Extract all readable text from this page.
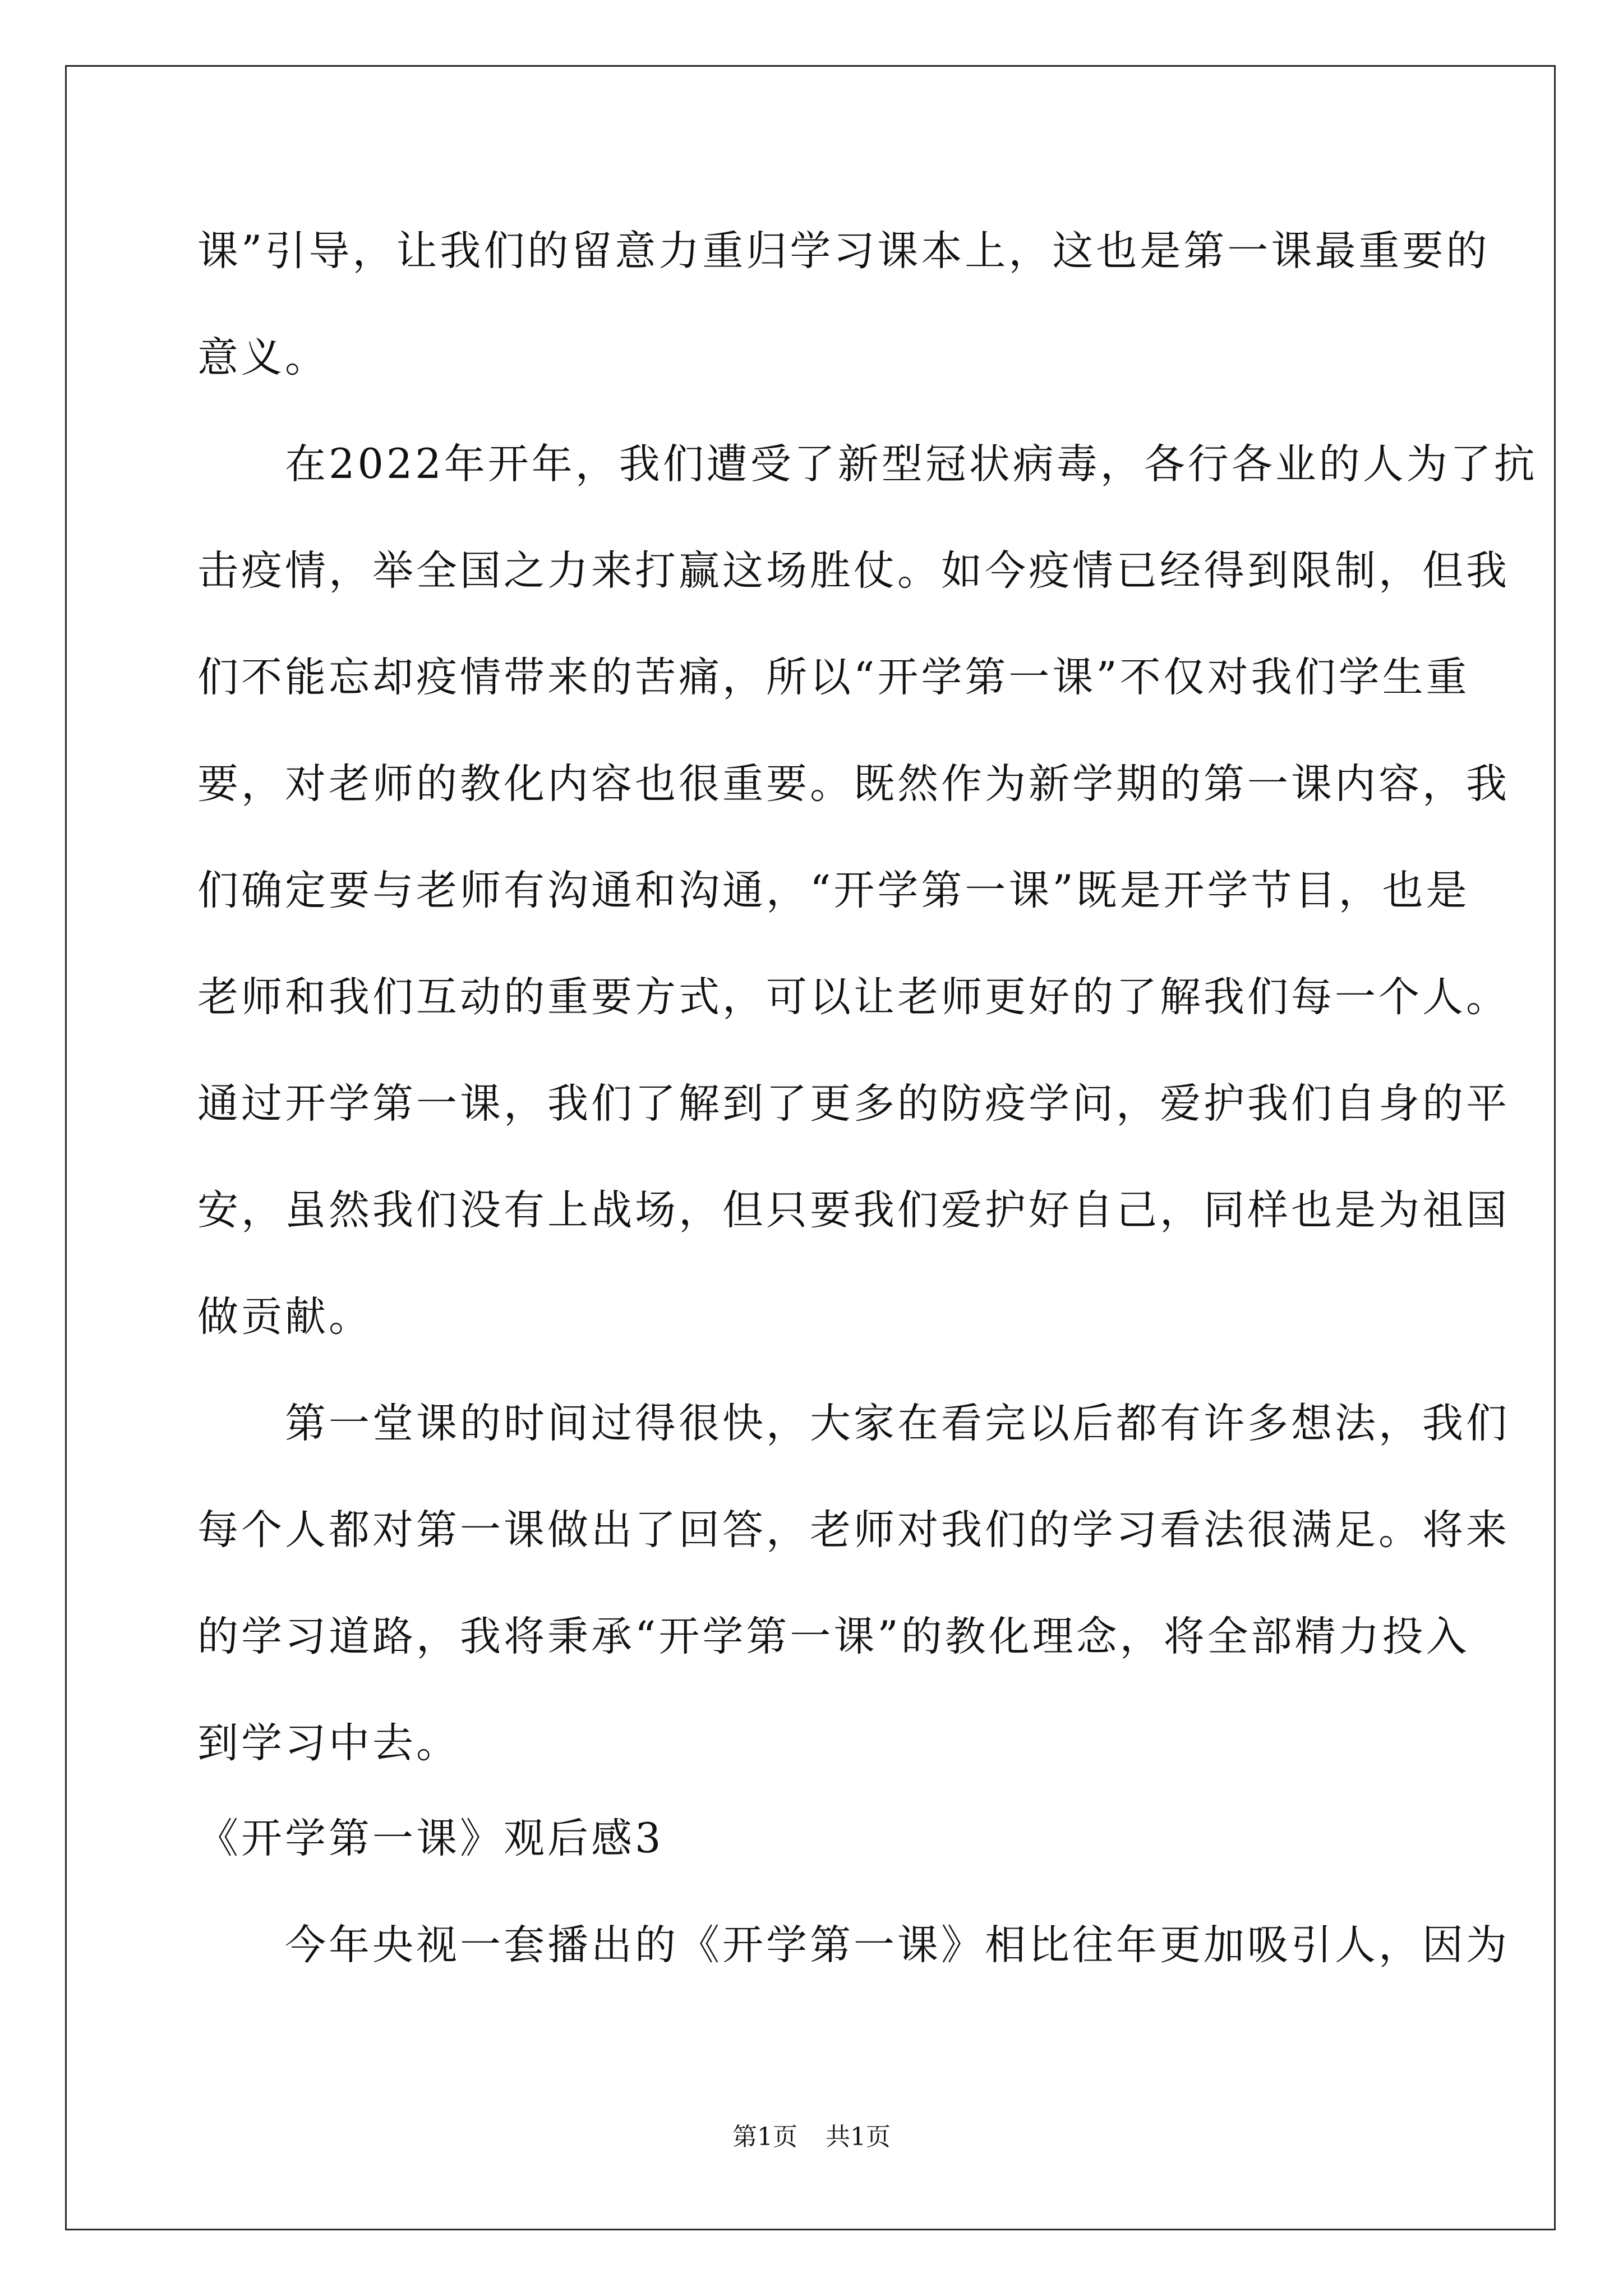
课”引导，让我们的留意力重归学习课本上，这也是第一课最重要的
意义。
　　在2022年开年，我们遭受了新型冠状病毒，各行各业的人为了抗
击疫情，举全国之力来打赢这场胜仗。如今疫情已经得到限制，但我
们不能忘却疫情带来的苦痛，所以“开学第一课”不仅对我们学生重
要，对老师的教化内容也很重要。既然作为新学期的第一课内容，我
们确定要与老师有沟通和沟通，“开学第一课”既是开学节目，也是
老师和我们互动的重要方式，可以让老师更好的了解我们每一个人。
通过开学第一课，我们了解到了更多的防疫学问，爱护我们自身的平
安，虽然我们没有上战场，但只要我们爱护好自己，同样也是为祖国
做贡献。
　　第一堂课的时间过得很快，大家在看完以后都有许多想法，我们
每个人都对第一课做出了回答，老师对我们的学习看法很满足。将来
的学习道路，我将秉承“开学第一课”的教化理念，将全部精力投入
到学习中去。
《开学第一课》观后感3
　　今年央视一套播出的《开学第一课》相比往年更加吸引人，因为
第1页 共1页
